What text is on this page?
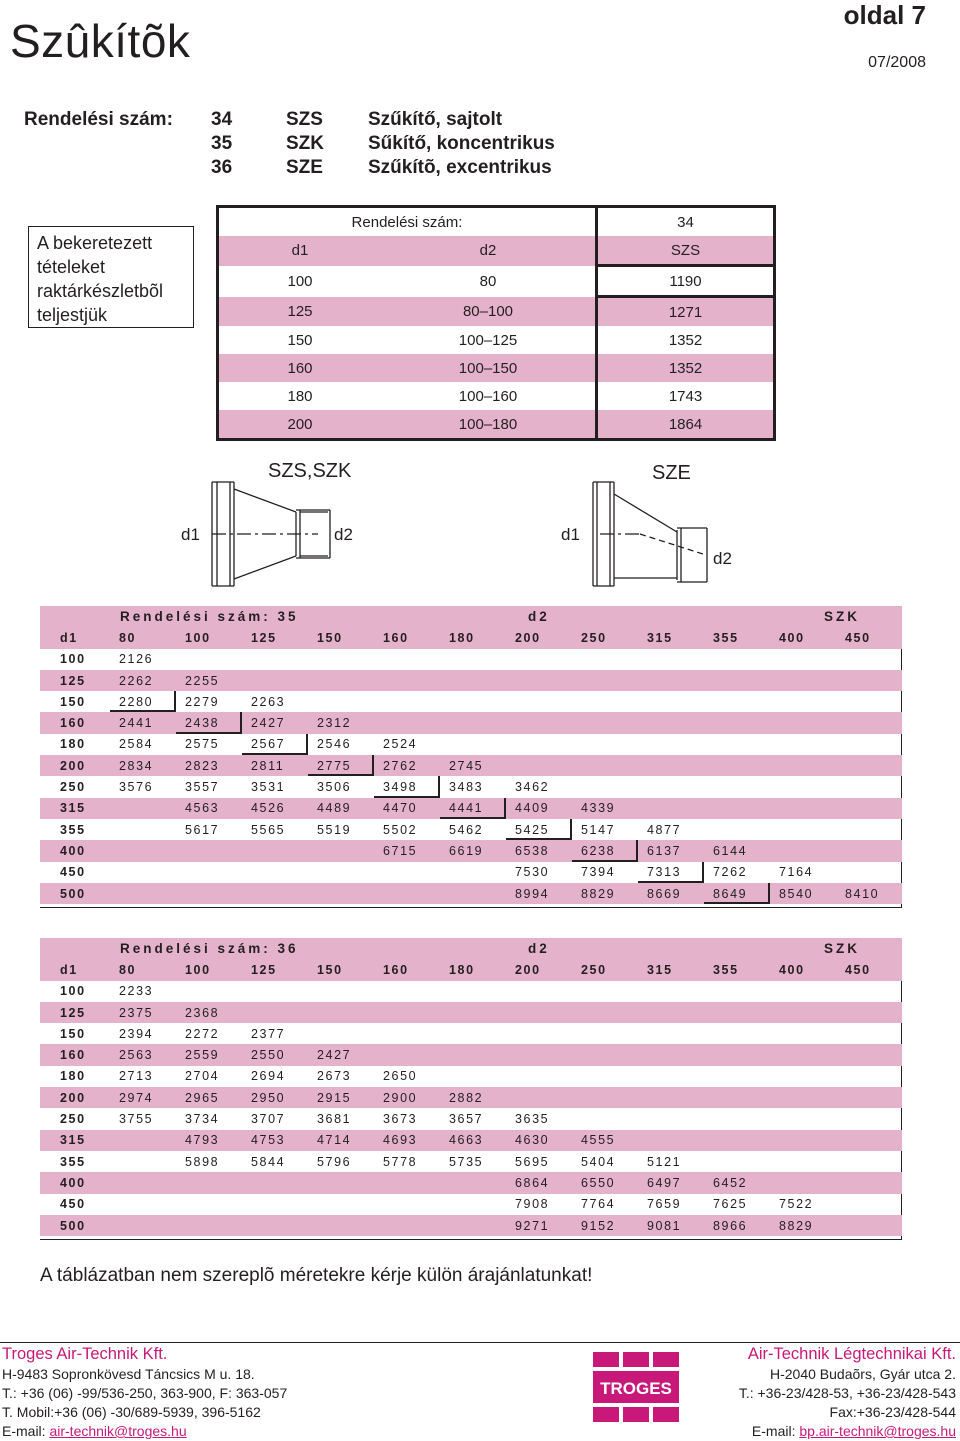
Szûkítõk	oldal 7
07/2008
Rendelési szám: 34	SZS Szűkítő, sajtolt
35	SZK Sűkítő, koncentrikus
36	SZE Szűkítõ, excentrikus
A bekeretezett
tételeket
raktárkészletbõl
teljestjük
Rendelési szám:		34
d1	d2	SZS
100	80	1190
125	80–100	1271
150	100–125	1352
160	100–150	1352
180	100–160	1743
200	100–180	1864
SZS,SZK	SZE
d1	d2	d1
d2
	Rendelési szám: 35						d2		SZK			
d1	80	100	125	150	160	180	200	250	315	355	400	450
100	2126											
125	2262	2255										
150	2280	2279	2263									
160	2441	2438	2427	2312								
180	2584	2575	2567	2546	2524							
200	2834	2823	2811	2775	2762	2745						
250	3576	3557	3531	3506	3498	3483	3462					
315		4563	4526	4489	4470	4441	4409	4339				
355		5617	5565	5519	5502	5462	5425	5147	4877			
400					6715	6619	6538	6238	6137	6144		
450							7530	7394	7313	7262	7164	
500							8994	8829	8669	8649	8540	8410
	Rendelési szám: 36						d2		SZK			
d1	80	100	125	150	160	180	200	250	315	355	400	450
100	2233											
125	2375	2368										
150	2394	2272	2377									
160	2563	2559	2550	2427								
180	2713	2704	2694	2673	2650							
200	2974	2965	2950	2915	2900	2882						
250	3755	3734	3707	3681	3673	3657	3635					
315		4793	4753	4714	4693	4663	4630	4555				
355		5898	5844	5796	5778	5735	5695	5404	5121			
400							6864	6550	6497	6452		
450							7908	7764	7659	7625	7522	
500							9271	9152	9081	8966	8829	
A táblázatban nem szereplõ méretekre kérje külön árajánlatunkat!
Troges Air-Technik Kft.
H-9483 Sopronkövesd Táncsics M u. 18.
T.: +36 (06) -99/536-250, 363-900, F: 363-057
T. Mobil:+36 (06) -30/689-5939, 396-5162
E-mail: air-technik@troges.hu
TROGES
Air-Technik Légtechnikai Kft.
H-2040 Budaõrs, Gyár utca 2.
T.: +36-23/428-53, +36-23/428-543
Fax:+36-23/428-544
E-mail: bp.air-technik@troges.hu
